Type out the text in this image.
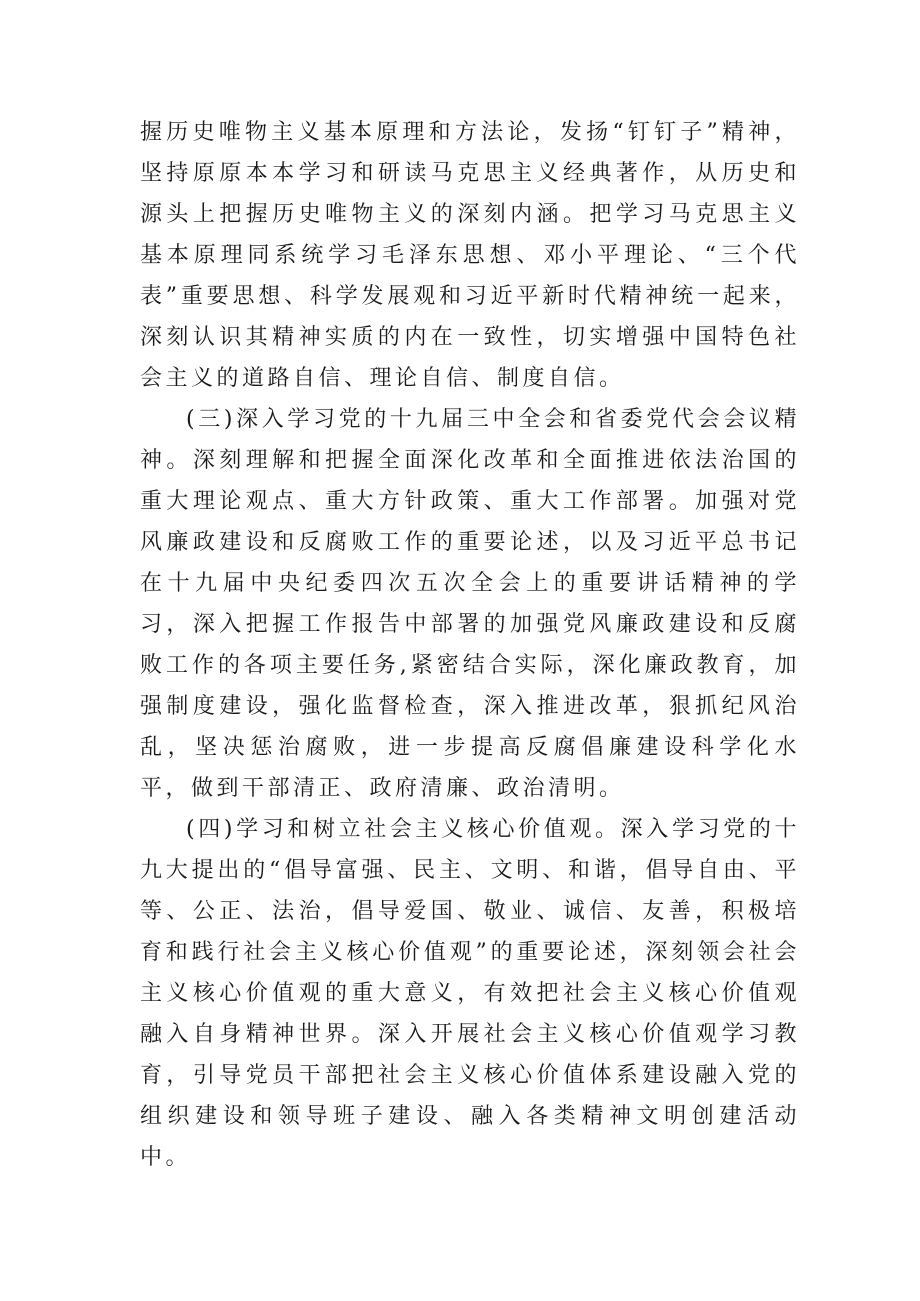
握历史唯物主义基本原理和方法论，发扬“钉钉子”精神，坚持原原本本学习和研读马克思主义经典著作，从历史和源头上把握历史唯物主义的深刻内涵。把学习马克思主义基本原理同系统学习毛泽东思想、邓小平理论、“三个代表”重要思想、科学发展观和习近平新时代精神统一起来，深刻认识其精神实质的内在一致性，切实增强中国特色社会主义的道路自信、理论自信、制度自信。

(三)深入学习党的十九届三中全会和省委党代会会议精神。深刻理解和把握全面深化改革和全面推进依法治国的重大理论观点、重大方针政策、重大工作部署。加强对党风廉政建设和反腐败工作的重要论述，以及习近平总书记在十九届中央纪委四次五次全会上的重要讲话精神的学习，深入把握工作报告中部署的加强党风廉政建设和反腐败工作的各项主要任务,紧密结合实际，深化廉政教育，加强制度建设，强化监督检查，深入推进改革，狠抓纪风治乱，坚决惩治腐败，进一步提高反腐倡廉建设科学化水平，做到干部清正、政府清廉、政治清明。

(四)学习和树立社会主义核心价值观。深入学习党的十九大提出的“倡导富强、民主、文明、和谐，倡导自由、平等、公正、法治，倡导爱国、敬业、诚信、友善，积极培育和践行社会主义核心价值观”的重要论述，深刻领会社会主义核心价值观的重大意义，有效把社会主义核心价值观融入自身精神世界。深入开展社会主义核心价值观学习教育，引导党员干部把社会主义核心价值体系建设融入党的组织建设和领导班子建设、融入各类精神文明创建活动中。
